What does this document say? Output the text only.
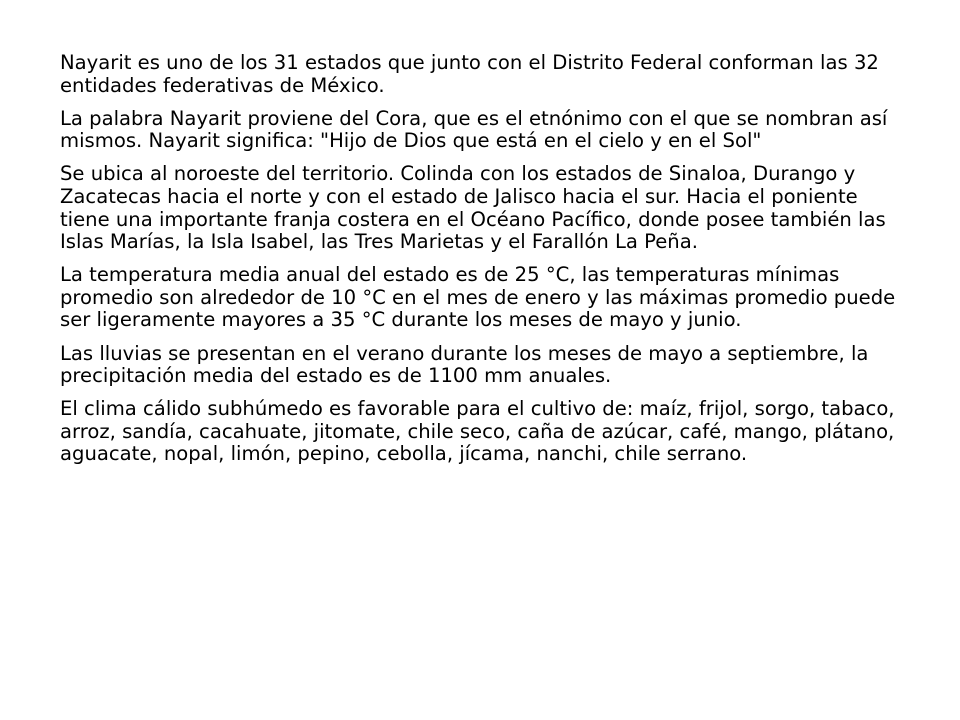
Nayarit es uno de los 31 estados que junto con el Distrito Federal conforman las 32 entidades federativas de México.

La palabra Nayarit proviene del Cora, que es el etnónimo con el que se nombran así mismos. Nayarit significa: "Hijo de Dios que está en el cielo y en el Sol"

Se ubica al noroeste del territorio. Colinda con los estados de Sinaloa, Durango y Zacatecas hacia el norte y con el estado de Jalisco hacia el sur. Hacia el poniente tiene una importante franja costera en el Océano Pacífico, donde posee también las Islas Marías, la Isla Isabel, las Tres Marietas y el Farallón La Peña.

La temperatura media anual del estado es de 25 °C, las temperaturas mínimas promedio son alrededor de 10 °C en el mes de enero y las máximas promedio puede ser ligeramente mayores a 35 °C durante los meses de mayo y junio.

Las lluvias se presentan en el verano durante los meses de mayo a septiembre, la precipitación media del estado es de 1100 mm anuales.

El clima cálido subhúmedo es favorable para el cultivo de: maíz, frijol, sorgo, tabaco, arroz, sandía, cacahuate, jitomate, chile seco, caña de azúcar, café, mango, plátano, aguacate, nopal, limón, pepino, cebolla, jícama, nanchi, chile serrano.
